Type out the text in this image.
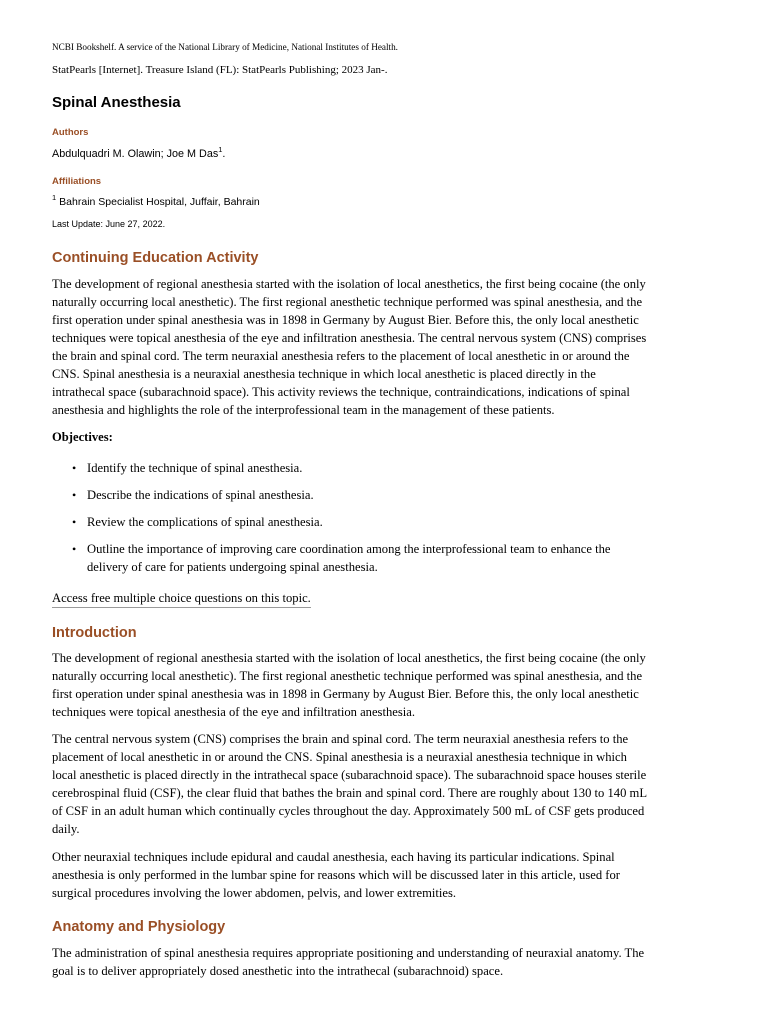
NCBI Bookshelf. A service of the National Library of Medicine, National Institutes of Health.
StatPearls [Internet]. Treasure Island (FL): StatPearls Publishing; 2023 Jan-.
Spinal Anesthesia
Authors
Abdulquadri M. Olawin; Joe M Das$^1$.
Affiliations
$^1$ Bahrain Specialist Hospital, Juffair, Bahrain
Last Update: June 27, 2022.
Continuing Education Activity
The development of regional anesthesia started with the isolation of local anesthetics, the first being cocaine (the only
naturally occurring local anesthetic). The first regional anesthetic technique performed was spinal anesthesia, and the
first operation under spinal anesthesia was in 1898 in Germany by August Bier. Before this, the only local anesthetic
techniques were topical anesthesia of the eye and infiltration anesthesia. The central nervous system (CNS) comprises
the brain and spinal cord. The term neuraxial anesthesia refers to the placement of local anesthetic in or around the
CNS. Spinal anesthesia is a neuraxial anesthesia technique in which local anesthetic is placed directly in the
intrathecal space (subarachnoid space). This activity reviews the technique, contraindications, indications of spinal
anesthesia and highlights the role of the interprofessional team in the management of these patients.
Objectives:
• Identify the technique of spinal anesthesia.
• Describe the indications of spinal anesthesia.
• Review the complications of spinal anesthesia.
• Outline the importance of improving care coordination among the interprofessional team to enhance the
delivery of care for patients undergoing spinal anesthesia.
Access free multiple choice questions on this topic.
Introduction
The development of regional anesthesia started with the isolation of local anesthetics, the first being cocaine (the only
naturally occurring local anesthetic). The first regional anesthetic technique performed was spinal anesthesia, and the
first operation under spinal anesthesia was in 1898 in Germany by August Bier. Before this, the only local anesthetic
techniques were topical anesthesia of the eye and infiltration anesthesia.
The central nervous system (CNS) comprises the brain and spinal cord. The term neuraxial anesthesia refers to the
placement of local anesthetic in or around the CNS. Spinal anesthesia is a neuraxial anesthesia technique in which
local anesthetic is placed directly in the intrathecal space (subarachnoid space). The subarachnoid space houses sterile
cerebrospinal fluid (CSF), the clear fluid that bathes the brain and spinal cord. There are roughly about 130 to 140 mL
of CSF in an adult human which continually cycles throughout the day. Approximately 500 mL of CSF gets produced
daily.
Other neuraxial techniques include epidural and caudal anesthesia, each having its particular indications. Spinal
anesthesia is only performed in the lumbar spine for reasons which will be discussed later in this article, used for
surgical procedures involving the lower abdomen, pelvis, and lower extremities.
Anatomy and Physiology
The administration of spinal anesthesia requires appropriate positioning and understanding of neuraxial anatomy. The
goal is to deliver appropriately dosed anesthetic into the intrathecal (subarachnoid) space.
